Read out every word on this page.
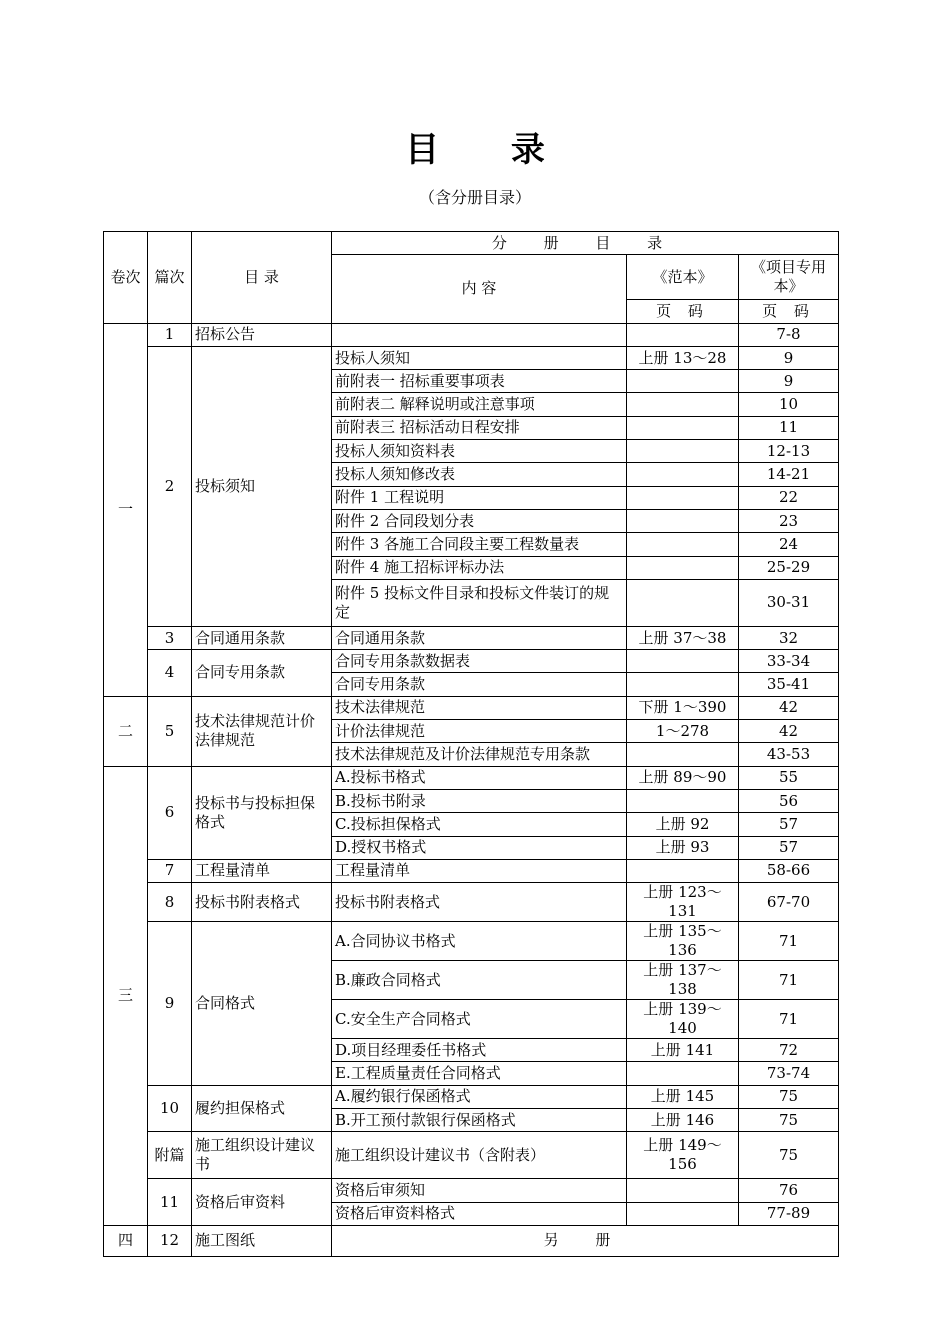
目 录
（含分册目录）
卷次	篇次	目 录	分 册 目 录		
			内 容	《范本》	《项目专用本》
				页 码	页 码
一	1	招标公告			7-8
	2	投标须知	投标人须知	上册 13～28	9
			前附表一 招标重要事项表		9
			前附表二 解释说明或注意事项		10
			前附表三 招标活动日程安排		11
			投标人须知资料表		12-13
			投标人须知修改表		14-21
			附件 1 工程说明		22
			附件 2 合同段划分表		23
			附件 3 各施工合同段主要工程数量表		24
			附件 4 施工招标评标办法		25-29
			附件 5 投标文件目录和投标文件装订的规定		30-31
	3	合同通用条款	合同通用条款	上册 37～38	32
	4	合同专用条款	合同专用条款数据表		33-34
			合同专用条款		35-41
二	5	技术法律规范计价法律规范	技术法律规范	下册 1～390	42
			计价法律规范	1～278	42
			技术法律规范及计价法律规范专用条款		43-53
三	6	投标书与投标担保格式	A.投标书格式	上册 89～90	55
			B.投标书附录		56
			C.投标担保格式	上册 92	57
			D.授权书格式	上册 93	57
	7	工程量清单	工程量清单		58-66
	8	投标书附表格式	投标书附表格式	上册 123～131	67-70
	9	合同格式	A.合同协议书格式	上册 135～136	71
			B.廉政合同格式	上册 137～138	71
			C.安全生产合同格式	上册 139～140	71
			D.项目经理委任书格式	上册 141	72
			E.工程质量责任合同格式		73-74
	10	履约担保格式	A.履约银行保函格式	上册 145	75
			B.开工预付款银行保函格式	上册 146	75
	附篇	施工组织设计建议书	施工组织设计建议书（含附表）	上册 149～156	75
	11	资格后审资料	资格后审须知		76
			资格后审资料格式		77-89
四	12	施工图纸	另 册		
